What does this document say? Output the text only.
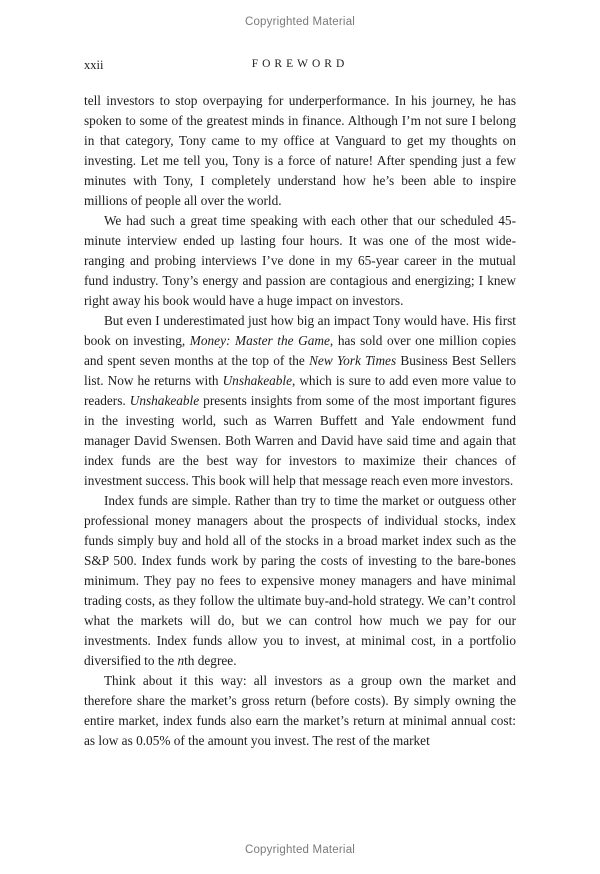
Copyrighted Material
xxii	FOREWORD

tell investors to stop overpaying for underperformance. In his journey, he has spoken to some of the greatest minds in finance. Although I’m not sure I belong in that category, Tony came to my office at Vanguard to get my thoughts on investing. Let me tell you, Tony is a force of nature! After spending just a few minutes with Tony, I completely understand how he’s been able to inspire millions of people all over the world.

We had such a great time speaking with each other that our scheduled 45-minute interview ended up lasting four hours. It was one of the most wide-ranging and probing interviews I’ve done in my 65-year career in the mutual fund industry. Tony’s energy and passion are contagious and energizing; I knew right away his book would have a huge impact on investors.

But even I underestimated just how big an impact Tony would have. His first book on investing, Money: Master the Game, has sold over one million copies and spent seven months at the top of the New York Times Business Best Sellers list. Now he returns with Unshakeable, which is sure to add even more value to readers. Unshakeable presents insights from some of the most important figures in the investing world, such as Warren Buffett and Yale endowment fund manager David Swensen. Both Warren and David have said time and again that index funds are the best way for investors to maximize their chances of investment success. This book will help that message reach even more investors.

Index funds are simple. Rather than try to time the market or outguess other professional money managers about the prospects of individual stocks, index funds simply buy and hold all of the stocks in a broad market index such as the S&P 500. Index funds work by paring the costs of investing to the bare-bones minimum. They pay no fees to expensive money managers and have minimal trading costs, as they follow the ultimate buy-and-hold strategy. We can’t control what the markets will do, but we can control how much we pay for our investments. Index funds allow you to invest, at minimal cost, in a portfolio diversified to the nth degree.

Think about it this way: all investors as a group own the market and therefore share the market’s gross return (before costs). By simply owning the entire market, index funds also earn the market’s return at minimal annual cost: as low as 0.05% of the amount you invest. The rest of the market

Copyrighted Material
